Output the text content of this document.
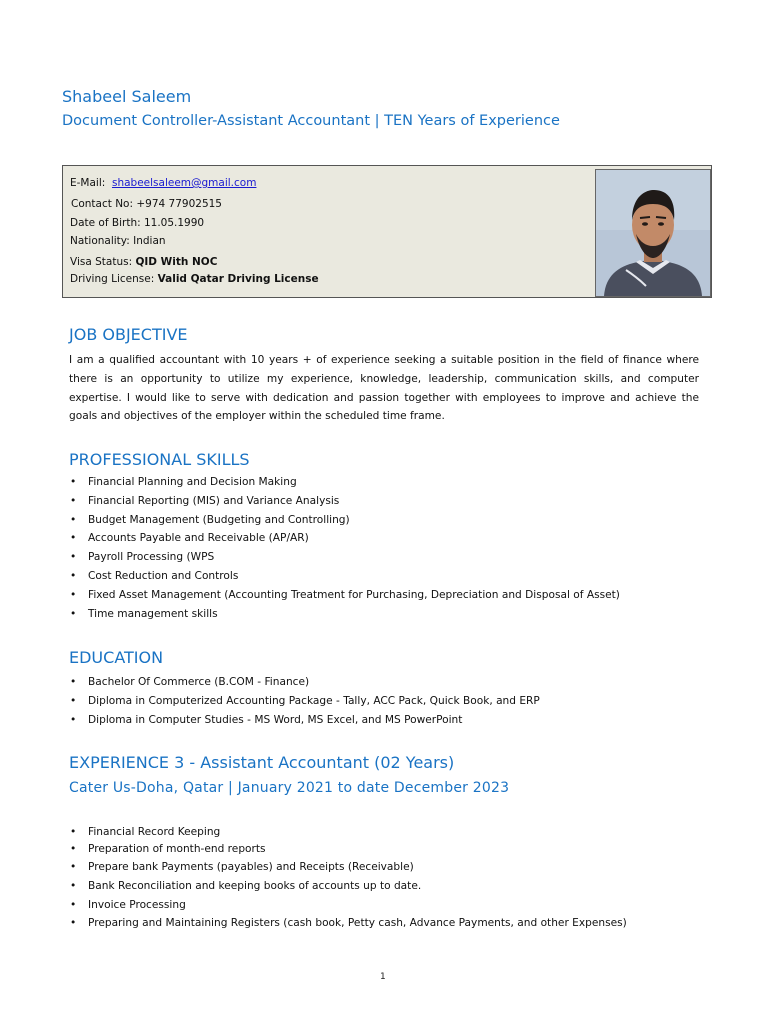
Shabeel Saleem
Document Controller-Assistant Accountant | TEN Years of Experience
E-Mail: shabeelsaleem@gmail.com
Contact No: +974 77902515
Date of Birth: 11.05.1990
Nationality: Indian
Visa Status: QID With NOC
Driving License: Valid Qatar Driving License
JOB OBJECTIVE
I am a qualified accountant with 10 years + of experience seeking a suitable position in the field of finance where there is an opportunity to utilize my experience, knowledge, leadership, communication skills, and computer expertise. I would like to serve with dedication and passion together with employees to improve and achieve the goals and objectives of the employer within the scheduled time frame.
PROFESSIONAL SKILLS
• Financial Planning and Decision Making
• Financial Reporting (MIS) and Variance Analysis
• Budget Management (Budgeting and Controlling)
• Accounts Payable and Receivable (AP/AR)
• Payroll Processing (WPS
• Cost Reduction and Controls
• Fixed Asset Management (Accounting Treatment for Purchasing, Depreciation and Disposal of Asset)
• Time management skills
EDUCATION
• Bachelor Of Commerce (B.COM - Finance)
• Diploma in Computerized Accounting Package - Tally, ACC Pack, Quick Book, and ERP
• Diploma in Computer Studies - MS Word, MS Excel, and MS PowerPoint
EXPERIENCE 3 - Assistant Accountant (02 Years)
Cater Us-Doha, Qatar | January 2021 to date December 2023
• Financial Record Keeping
• Preparation of month-end reports
• Prepare bank Payments (payables) and Receipts (Receivable)
• Bank Reconciliation and keeping books of accounts up to date.
• Invoice Processing
• Preparing and Maintaining Registers (cash book, Petty cash, Advance Payments, and other Expenses)
1
